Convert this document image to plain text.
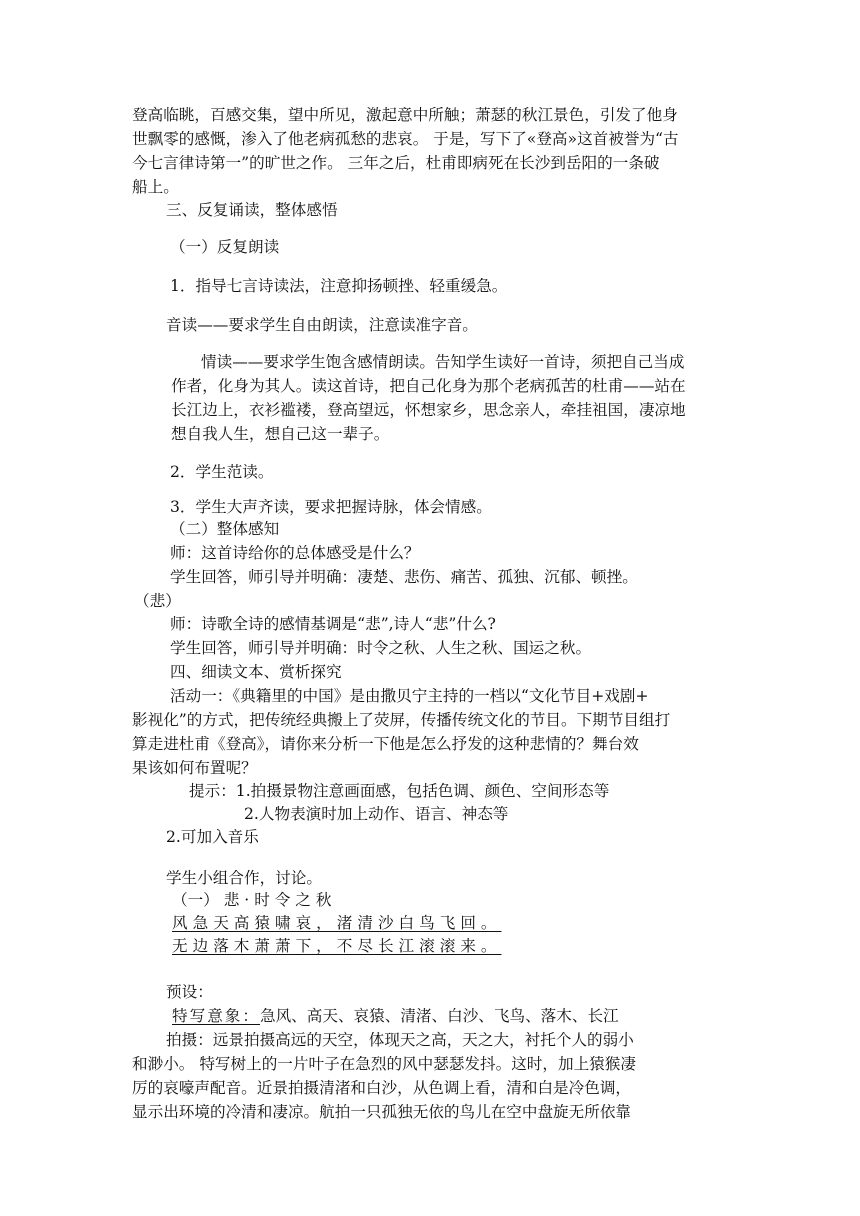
登高临眺，百感交集，望中所见，激起意中所触；萧瑟的秋江景色，引发了他身
世飘零的感慨，渗入了他老病孤愁的悲哀。 于是，写下了«登高»这首被誉为“古
今七言律诗第一”的旷世之作。 三年之后，杜甫即病死在长沙到岳阳的一条破
船上。
三、反复诵读，整体感悟
（一）反复朗读
1．指导七言诗读法，注意抑扬顿挫、轻重缓急。
音读——要求学生自由朗读，注意读准字音。
情读——要求学生饱含感情朗读。告知学生读好一首诗，须把自己当成
作者，化身为其人。读这首诗，把自己化身为那个老病孤苦的杜甫——站在
长江边上，衣衫褴褛，登高望远，怀想家乡，思念亲人，牵挂祖国，凄凉地
想自我人生，想自己这一辈子。
2．学生范读。
3．学生大声齐读，要求把握诗脉，体会情感。
（二）整体感知
师：这首诗给你的总体感受是什么？
学生回答，师引导并明确：凄楚、悲伤、痛苦、孤独、沉郁、顿挫。
（悲）
师：诗歌全诗的感情基调是“悲”,诗人“悲”什么?
学生回答，师引导并明确：时令之秋、人生之秋、国运之秋。
四、细读文本、赏析探究
活动一：《典籍里的中国》是由撒贝宁主持的一档以“文化节目+戏剧+
影视化”的方式，把传统经典搬上了荧屏，传播传统文化的节目。下期节目组打
算走进杜甫《登高》，请你来分析一下他是怎么抒发的这种悲情的？舞台效
果该如何布置呢？
提示：1.拍摄景物注意画面感，包括色调、颜色、空间形态等
2.人物表演时加上动作、语言、神态等
2.可加入音乐
学生小组合作，讨论。
（一） 悲 · 时 令 之 秋
风急天高猿啸哀，渚清沙白鸟飞回。
无边落木萧萧下，不尽长江滚滚来。
预设：
特写意象：急风、高天、哀猿、清渚、白沙、飞鸟、落木、长江
拍摄：远景拍摄高远的天空，体现天之高，天之大，衬托个人的弱小
和渺小。 特写树上的一片叶子在急烈的风中瑟瑟发抖。这时，加上猿猴凄
厉的哀嚎声配音。近景拍摄清渚和白沙，从色调上看，清和白是冷色调，
显示出环境的冷清和凄凉。航拍一只孤独无依的鸟儿在空中盘旋无所依靠
